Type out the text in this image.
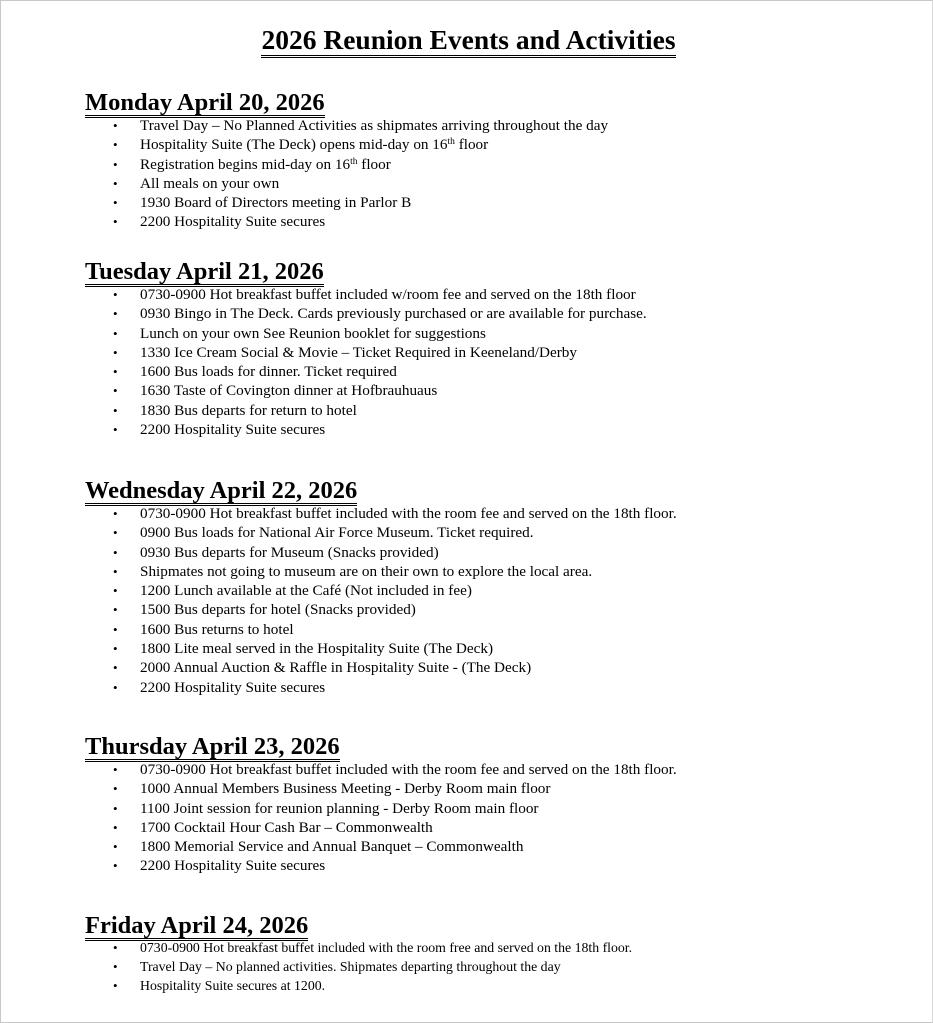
2026 Reunion Events and Activities
Monday April 20, 2026
• Travel Day – No Planned Activities as shipmates arriving throughout the day
• Hospitality Suite (The Deck) opens mid-day on 16th floor
• Registration begins mid-day on 16th floor
• All meals on your own
• 1930 Board of Directors meeting in Parlor B
• 2200 Hospitality Suite secures
Tuesday April 21, 2026
• 0730-0900 Hot breakfast buffet included w/room fee and served on the 18th floor
• 0930 Bingo in The Deck. Cards previously purchased or are available for purchase.
• Lunch on your own See Reunion booklet for suggestions
• 1330 Ice Cream Social & Movie – Ticket Required in Keeneland/Derby
• 1600 Bus loads for dinner. Ticket required
• 1630 Taste of Covington dinner at Hofbrauhuaus
• 1830 Bus departs for return to hotel
• 2200 Hospitality Suite secures
Wednesday April 22, 2026
• 0730-0900 Hot breakfast buffet included with the room fee and served on the 18th floor.
• 0900 Bus loads for National Air Force Museum. Ticket required.
• 0930 Bus departs for Museum (Snacks provided)
• Shipmates not going to museum are on their own to explore the local area.
• 1200 Lunch available at the Café (Not included in fee)
• 1500 Bus departs for hotel (Snacks provided)
• 1600 Bus returns to hotel
• 1800 Lite meal served in the Hospitality Suite (The Deck)
• 2000 Annual Auction & Raffle in Hospitality Suite - (The Deck)
• 2200 Hospitality Suite secures
Thursday April 23, 2026
• 0730-0900 Hot breakfast buffet included with the room fee and served on the 18th floor.
• 1000 Annual Members Business Meeting - Derby Room main floor
• 1100 Joint session for reunion planning - Derby Room main floor
• 1700 Cocktail Hour Cash Bar – Commonwealth
• 1800 Memorial Service and Annual Banquet – Commonwealth
• 2200 Hospitality Suite secures
Friday April 24, 2026
• 0730-0900 Hot breakfast buffet included with the room free and served on the 18th floor.
• Travel Day – No planned activities. Shipmates departing throughout the day
• Hospitality Suite secures at 1200.
